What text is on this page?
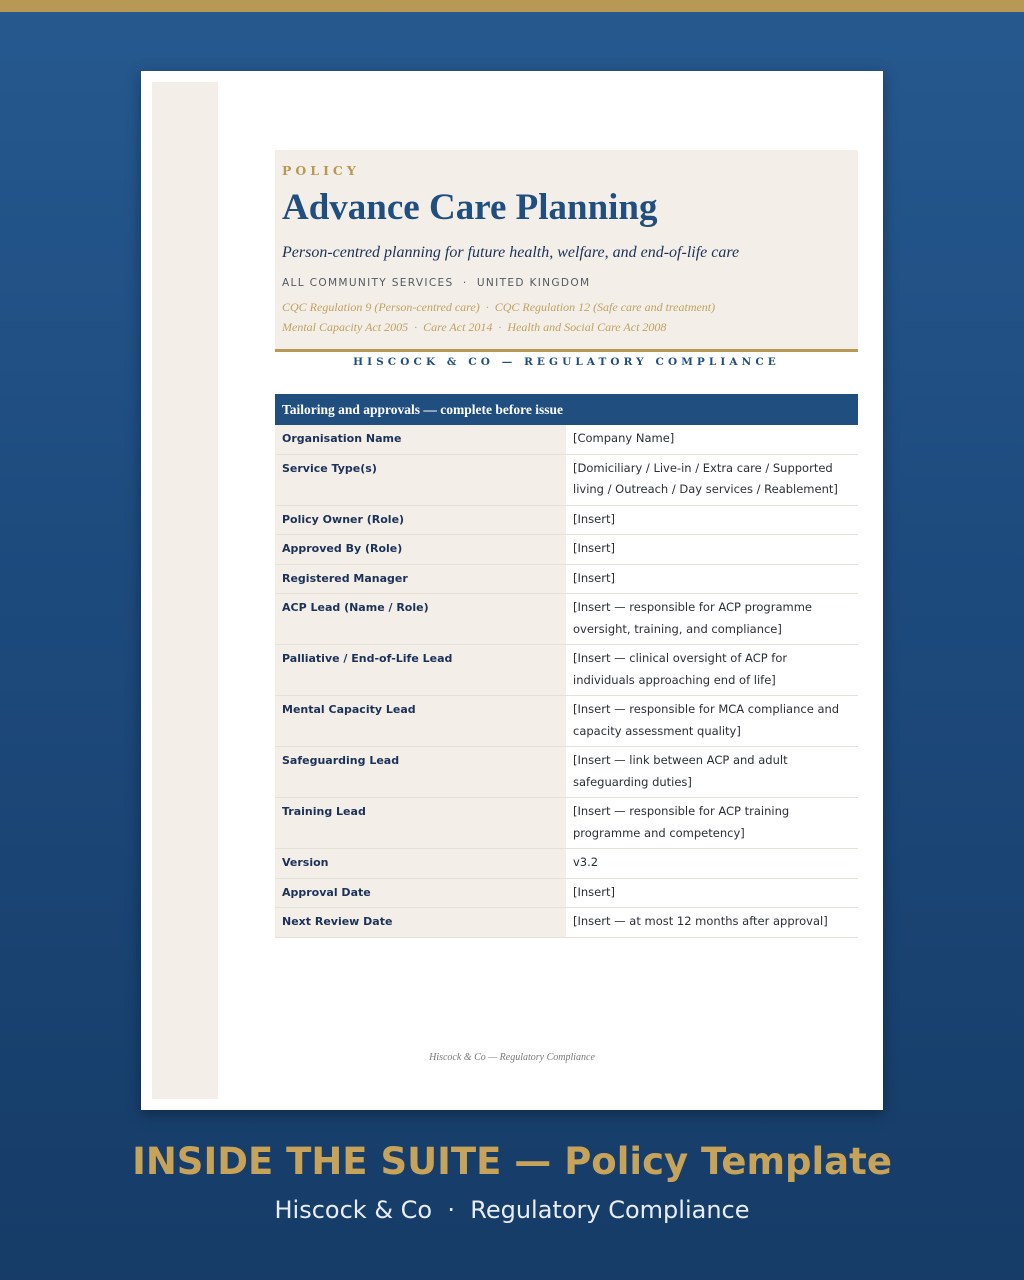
POLICY
Advance Care Planning
Person-centred planning for future health, welfare, and end-of-life care
ALL COMMUNITY SERVICES  ·  UNITED KINGDOM
CQC Regulation 9 (Person-centred care)  ·  CQC Regulation 12 (Safe care and treatment)
Mental Capacity Act 2005  ·  Care Act 2014  ·  Health and Social Care Act 2008
HISCOCK & CO — REGULATORY COMPLIANCE
Tailoring and approvals — complete before issue	
Organisation Name	[Company Name]
Service Type(s)	[Domiciliary / Live-in / Extra care / Supported living / Outreach / Day services / Reablement]
Policy Owner (Role)	[Insert]
Approved By (Role)	[Insert]
Registered Manager	[Insert]
ACP Lead (Name / Role)	[Insert — responsible for ACP programme oversight, training, and compliance]
Palliative / End-of-Life Lead	[Insert — clinical oversight of ACP for individuals approaching end of life]
Mental Capacity Lead	[Insert — responsible for MCA compliance and capacity assessment quality]
Safeguarding Lead	[Insert — link between ACP and adult safeguarding duties]
Training Lead	[Insert — responsible for ACP training programme and competency]
Version	v3.2
Approval Date	[Insert]
Next Review Date	[Insert — at most 12 months after approval]
Hiscock & Co — Regulatory Compliance
INSIDE THE SUITE — Policy Template
Hiscock & Co  ·  Regulatory Compliance
